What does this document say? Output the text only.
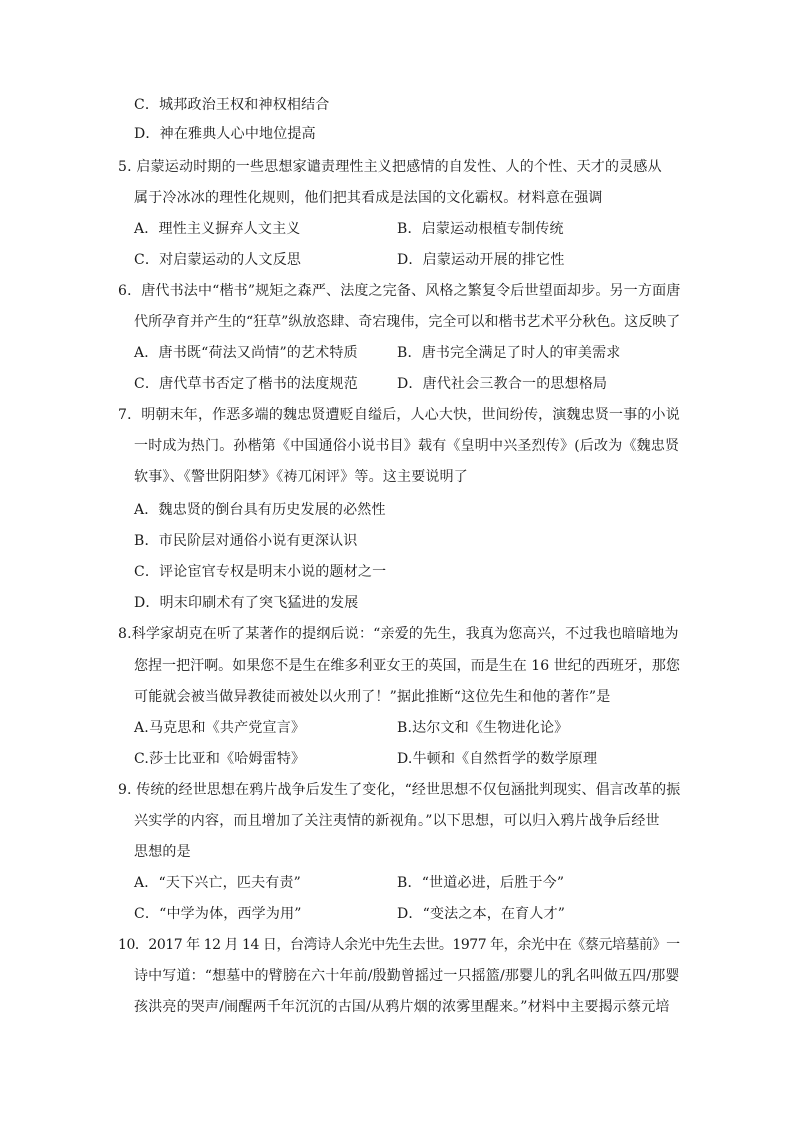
C．城邦政治王权和神权相结合
D．神在雅典人心中地位提高
5. 启蒙运动时期的一些思想家谴责理性主义把感情的自发性、人的个性、天才的灵感从
属于冷冰冰的理性化规则，他们把其看成是法国的文化霸权。材料意在强调
A．理性主义摒弃人文主义	B．启蒙运动根植专制传统
C．对启蒙运动的人文反思	D．启蒙运动开展的排它性
6．唐代书法中“楷书”规矩之森严、法度之完备、风格之繁复令后世望面却步。另一方面唐
代所孕育并产生的“狂草”纵放恣肆、奇宕瑰伟，完全可以和楷书艺术平分秋色。这反映了
A．唐书既“荷法又尚情”的艺术特质	B．唐书完全满足了时人的审美需求
C．唐代草书否定了楷书的法度规范	D．唐代社会三教合一的思想格局
7．明朝末年，作恶多端的魏忠贤遭贬自缢后，人心大快，世间纷传，演魏忠贤一事的小说
一时成为热门。孙楷第《中国通俗小说书目》载有《皇明中兴圣烈传》(后改为《魏忠贤
软事》、《警世阴阳梦》《祷兀闲评》等。这主要说明了
A．魏忠贤的倒台具有历史发展的必然性
B．市民阶层对通俗小说有更深认识
C．评论宦官专权是明末小说的题材之一
D．明末印刷术有了突飞猛进的发展
8.科学家胡克在听了某著作的提纲后说：“亲爱的先生，我真为您高兴，不过我也暗暗地为
您捏一把汗啊。如果您不是生在维多利亚女王的英国，而是生在 16 世纪的西班牙，那您
可能就会被当做异教徒而被处以火刑了！”据此推断“这位先生和他的著作”是
A.马克思和《共产党宣言》	B.达尔文和《生物进化论》
C.莎士比亚和《哈姆雷特》	D.牛顿和《自然哲学的数学原理
9. 传统的经世思想在鸦片战争后发生了变化，“经世思想不仅包涵批判现实、倡言改革的振
兴实学的内容，而且增加了关注夷情的新视角。”以下思想，可以归入鸦片战争后经世
思想的是
A．“天下兴亡，匹夫有责”	B．“世道必进，后胜于今”
C．“中学为体，西学为用”	D．“变法之本，在育人才”
10．2017 年 12 月 14 日，台湾诗人余光中先生去世。1977 年，余光中在《蔡元培墓前》一
诗中写道：“想墓中的臂膀在六十年前/殷勤曾摇过一只摇篮/那婴儿的乳名叫做五四/那婴
孩洪亮的哭声/闹醒两千年沉沉的古国/从鸦片烟的浓雾里醒来。”材料中主要揭示蔡元培
